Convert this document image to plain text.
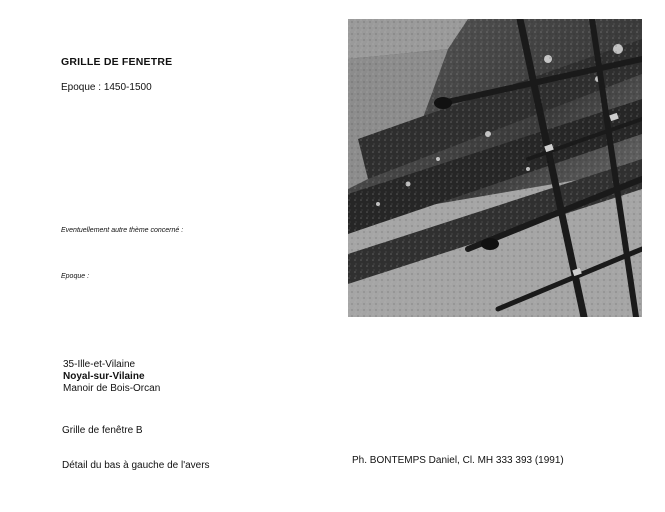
GRILLE DE FENETRE
Epoque : 1450-1500
Eventuellement autre thème concerné :
Epoque :
35-Ille-et-Vilaine
Noyal-sur-Vilaine
Manoir de Bois-Orcan
Grille de fenêtre B
Détail du bas à gauche de l'avers	Ph. BONTEMPS Daniel, Cl. MH 333 393 (1991)
